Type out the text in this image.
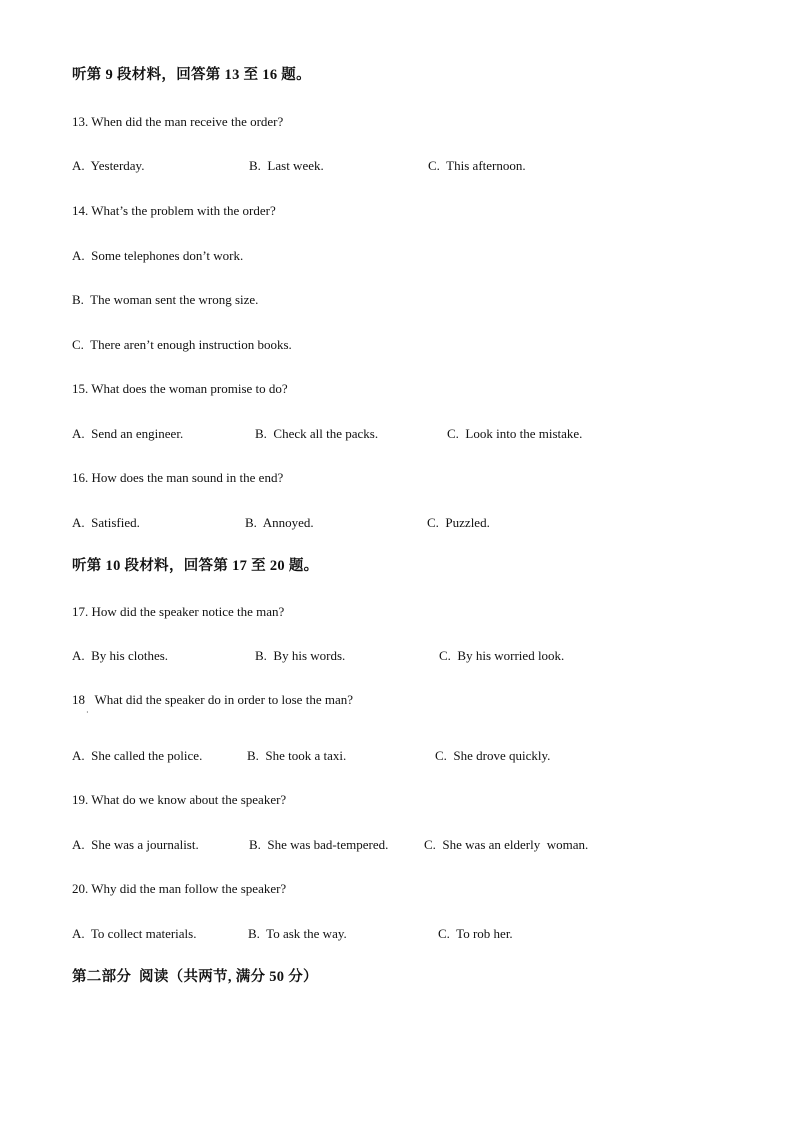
听第 9 段材料，回答第 13 至 16 题。
13. When did the man receive the order?
A.  Yesterday.	B.  Last week.	C.  This afternoon.
14. What’s the problem with the order?
A.  Some telephones don’t work.
B.  The woman sent the wrong size.
C.  There aren’t enough instruction books.
15. What does the woman promise to do?
A.  Send an engineer.	B.  Check all the packs.	C.  Look into the mistake.
16. How does the man sound in the end?
A.  Satisfied.	B.  Annoyed.	C.  Puzzled.
听第 10 段材料，回答第 17 至 20 题。
17. How did the speaker notice the man?
A.  By his clothes.	B.  By his words.	C.  By his worried look.
18   What did the speaker do in order to lose the man?
·
A.  She called the police.	B.  She took a taxi.	C.  She drove quickly.
19. What do we know about the speaker?
A.  She was a journalist.	B.  She was bad-tempered.	C.  She was an elderly  woman.
20. Why did the man follow the speaker?
A.  To collect materials.	B.  To ask the way.	C.  To rob her.
第二部分  阅读（共两节, 满分 50 分）
